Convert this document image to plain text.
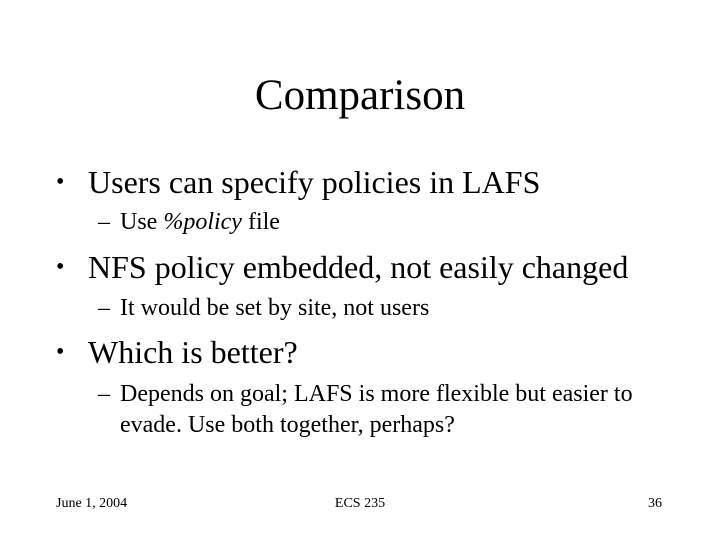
Comparison
• Users can specify policies in LAFS
– Use %policy file
• NFS policy embedded, not easily changed
– It would be set by site, not users
• Which is better?
– Depends on goal; LAFS is more flexible but easier to evade. Use both together, perhaps?
June 1, 2004	ECS 235	36
